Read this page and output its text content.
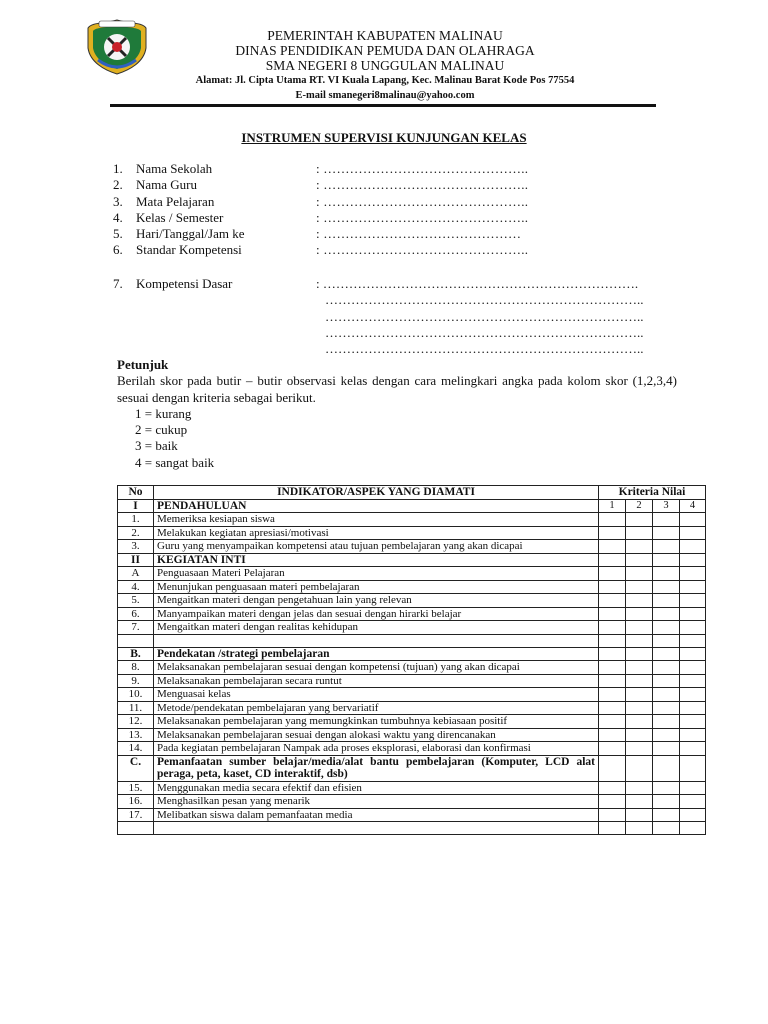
PEMERINTAH KABUPATEN MALINAU
DINAS PENDIDIKAN PEMUDA DAN OLAHRAGA
SMA NEGERI 8 UNGGULAN MALINAU
Alamat: Jl. Cipta Utama RT. VI Kuala Lapang, Kec. Malinau Barat Kode Pos 77554
E-mail smanegeri8malinau@yahoo.com
INSTRUMEN SUPERVISI KUNJUNGAN KELAS
1. Nama Sekolah	: ………………………………………..
2. Nama Guru	: ………………………………………..
3. Mata Pelajaran	: ………………………………………..
4. Kelas / Semester	: ………………………………………..
5. Hari/Tanggal/Jam ke	: ………………………………………
6. Standar Kompetensi	: ………………………………………..
7. Kompetensi Dasar	: ……………………………………………………………….
………………………………………………………………..
………………………………………………………………..
………………………………………………………………..
………………………………………………………………..
Petunjuk
Berilah skor pada butir – butir observasi kelas dengan cara melingkari angka pada kolom skor (1,2,3,4) sesuai dengan kriteria sebagai berikut.
1 = kurang
2 = cukup
3 = baik
4 = sangat baik
No	INDIKATOR/ASPEK YANG DIAMATI	Kriteria Nilai			
I	PENDAHULUAN	1	2	3	4
1.	Memeriksa kesiapan siswa				
2.	Melakukan kegiatan apresiasi/motivasi				
3.	Guru yang menyampaikan kompetensi atau tujuan pembelajaran yang akan dicapai				
II	KEGIATAN INTI				
A	Penguasaan Materi Pelajaran				
4.	Menunjukan penguasaan materi pembelajaran				
5.	Mengaitkan materi dengan pengetahuan lain yang relevan				
6.	Manyampaikan materi dengan jelas dan sesuai dengan hirarki belajar				
7.	Mengaitkan materi dengan realitas kehidupan				

B.	Pendekatan /strategi pembelajaran				
8.	Melaksanakan pembelajaran sesuai dengan kompetensi (tujuan) yang akan dicapai				
9.	Melaksanakan pembelajaran secara runtut				
10.	Menguasai kelas				
11.	Metode/pendekatan pembelajaran yang bervariatif				
12.	Melaksanakan pembelajaran yang memungkinkan tumbuhnya kebiasaan positif				
13.	Melaksanakan pembelajaran sesuai dengan alokasi waktu yang direncanakan				
14.	Pada kegiatan pembelajaran Nampak ada proses eksplorasi, elaborasi dan konfirmasi				
C.	Pemanfaatan sumber belajar/media/alat bantu pembelajaran (Komputer, LCD alat peraga, peta, kaset, CD interaktif, dsb)				
15.	Menggunakan media secara efektif dan efisien				
16.	Menghasilkan pesan yang menarik				
17.	Melibatkan siswa dalam pemanfaatan media				
